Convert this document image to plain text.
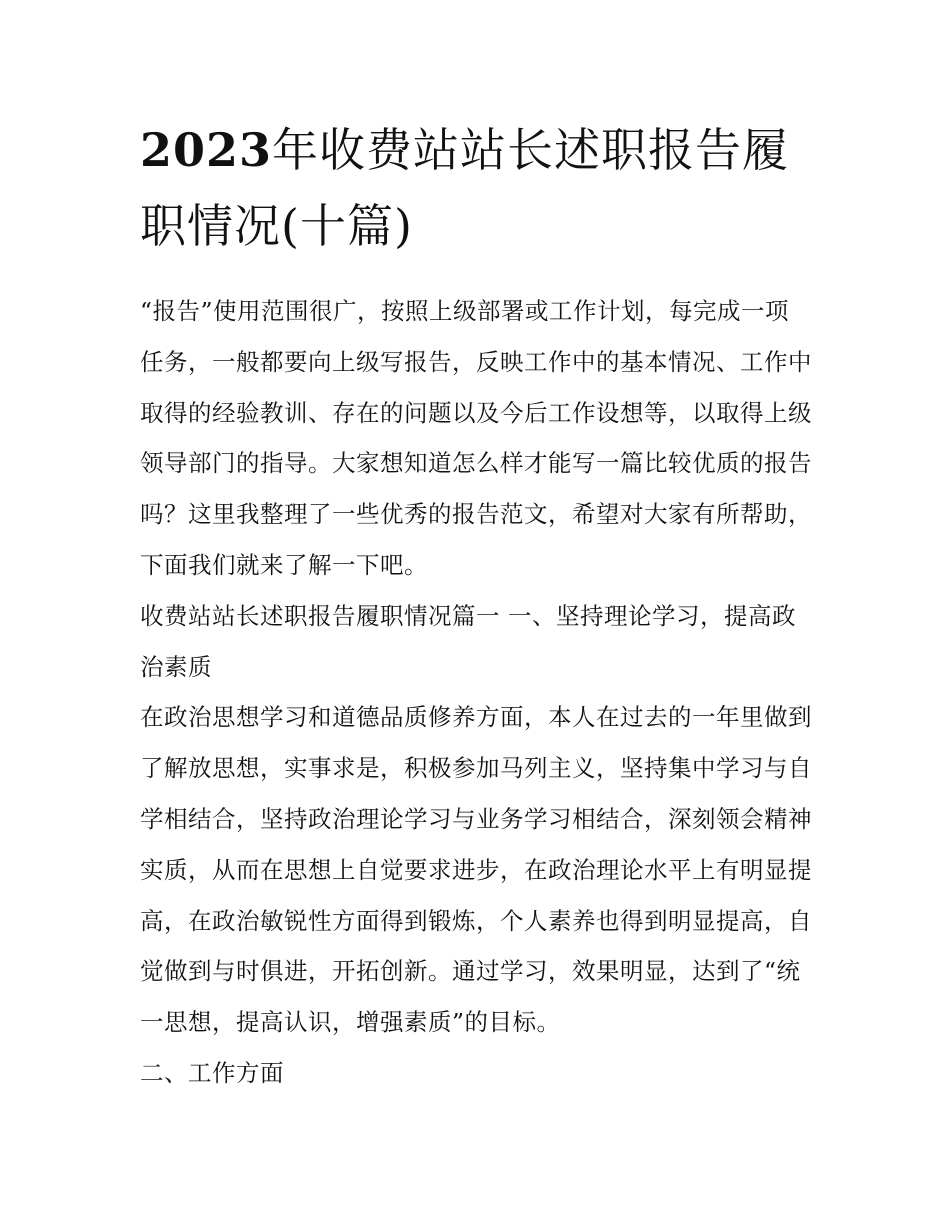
2023年收费站站长述职报告履职情况(十篇)

“报告”使用范围很广，按照上级部署或工作计划，每完成一项任务，一般都要向上级写报告，反映工作中的基本情况、工作中取得的经验教训、存在的问题以及今后工作设想等，以取得上级领导部门的指导。大家想知道怎么样才能写一篇比较优质的报告吗？这里我整理了一些优秀的报告范文，希望对大家有所帮助，下面我们就来了解一下吧。

收费站站长述职报告履职情况篇一 一、坚持理论学习，提高政治素质

在政治思想学习和道德品质修养方面，本人在过去的一年里做到了解放思想，实事求是，积极参加马列主义，坚持集中学习与自学相结合，坚持政治理论学习与业务学习相结合，深刻领会精神实质，从而在思想上自觉要求进步，在政治理论水平上有明显提高，在政治敏锐性方面得到锻炼，个人素养也得到明显提高，自觉做到与时俱进，开拓创新。通过学习，效果明显，达到了“统一思想，提高认识，增强素质”的目标。

二、工作方面
